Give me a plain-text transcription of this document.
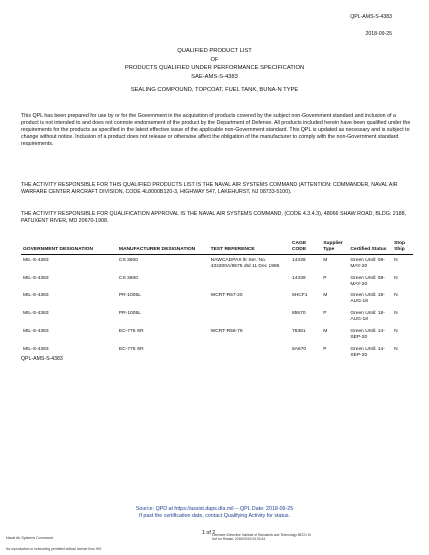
QPL-AMS-S-4383
2018-09-25
QUALIFIED PRODUCT LIST
OF
PRODUCTS QUALIFIED UNDER PERFORMANCE SPECIFICATION
SAE-AMS-S-4383
SEALING COMPOUND, TOPCOAT, FUEL TANK, BUNA-N TYPE
This QPL has been prepared for use by or for the Government in the acquisition of products covered by the subject non-Government standard and inclusion of a product is not intended to and does not connote endorsement of the product by the Department of Defense. All products included herein have been qualified under the requirements for the products as specified in the latest effective issue of the applicable non-Government standard. This QPL is updated as necessary and is subject to change without notice. Inclusion of a product does not release or otherwise affect the obligation of the manufacturer to comply with the non-Government standard requirements.
THE ACTIVITY RESPONSIBLE FOR THIS QUALIFIED PRODUCTS LIST IS THE NAVAL AIR SYSTEMS COMMAND (ATTENTION: COMMANDER, NAVAL AIR WARFARE CENTER AIRCRAFT DIVISION, CODE 4L8000B120-3, HIGHWAY 547, LAKEHURST, NJ 08733-5100).
THE ACTIVITY RESPONSIBLE FOR QUALIFICATION APPROVAL IS THE NAVAL AIR SYSTEMS COMMAND, (CODE 4.3.4.3), 48066 SHAW ROAD, BLDG: 2188, PATUXENT RIVER, MD 20670-1908.
GOVERNMENT DESIGNATION	MANUFACTURER DESIGNATION	TEST REFERENCE	CAGE CODE	Supplier Type	Certified Status	Stop Ship
MIL-S-4383	CS 3600	NAWCADPAX ltr Ser. No. 434300A/8575 dtd 11 Dec 1995	14439	M	Green Until: 08-MAY-20	N
MIL-S-4383	CS 3600		14439	P	Green Until: 08-MAY-20	N
MIL-S-4383	PR-1005L	WCRT-R57-20	5HCF1	M	Green Until: 18-AUG-18	N
MIL-S-4383	PR-1005L		85570	P	Green Until: 18-AUG-18	N
MIL-S-4383	EC-776 SR	WCRT-R56-79	76381	M	Green Until: 14-SEP-20	N
MIL-S-4383	EC-776 SR		6A670	P	Green Until: 14-SEP-20	N
QPL-AMS-S-4383
Source: QPD at https://assist.daps.dla.mil -- QPL Date: 2018-09-25
If past the certification date, contact Qualifying Activity for status.
1 of 2
Naval Air Systems Command
No reproduction or networking permitted without license from IHS
Licensee=Detective Institute of Standards and Technology 88721 M
Not for Resale, 2018/09/26 03:30:44
